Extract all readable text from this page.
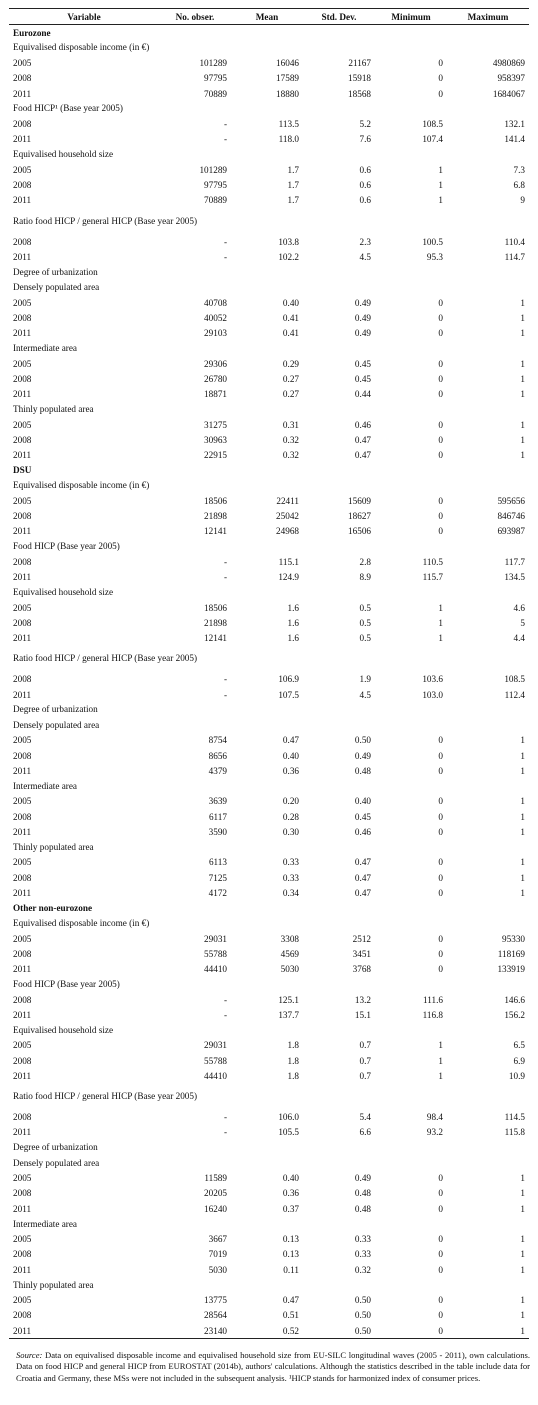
Variable	No. obser.	Mean	Std. Dev.	Minimum	Maximum
Eurozone					
Equivalised disposable income (in €)					
2005	101289	16046	21167	0	4980869
2008	97795	17589	15918	0	958397
2011	70889	18880	18568	0	1684067
Food HICP¹ (Base year 2005)					
2008	-	113.5	5.2	108.5	132.1
2011	-	118.0	7.6	107.4	141.4
Equivalised household size					
2005	101289	1.7	0.6	1	7.3
2008	97795	1.7	0.6	1	6.8
2011	70889	1.7	0.6	1	9
Ratio food HICP / general HICP (Base year 2005)					
2008	-	103.8	2.3	100.5	110.4
2011	-	102.2	4.5	95.3	114.7
Degree of urbanization					
Densely populated area					
2005	40708	0.40	0.49	0	1
2008	40052	0.41	0.49	0	1
2011	29103	0.41	0.49	0	1
Intermediate area					
2005	29306	0.29	0.45	0	1
2008	26780	0.27	0.45	0	1
2011	18871	0.27	0.44	0	1
Thinly populated area					
2005	31275	0.31	0.46	0	1
2008	30963	0.32	0.47	0	1
2011	22915	0.32	0.47	0	1
DSU					
Equivalised disposable income (in €)					
2005	18506	22411	15609	0	595656
2008	21898	25042	18627	0	846746
2011	12141	24968	16506	0	693987
Food HICP (Base year 2005)					
2008	-	115.1	2.8	110.5	117.7
2011	-	124.9	8.9	115.7	134.5
Equivalised household size					
2005	18506	1.6	0.5	1	4.6
2008	21898	1.6	0.5	1	5
2011	12141	1.6	0.5	1	4.4
Ratio food HICP / general HICP (Base year 2005)					
2008	-	106.9	1.9	103.6	108.5
2011	-	107.5	4.5	103.0	112.4
Degree of urbanization					
Densely populated area					
2005	8754	0.47	0.50	0	1
2008	8656	0.40	0.49	0	1
2011	4379	0.36	0.48	0	1
Intermediate area					
2005	3639	0.20	0.40	0	1
2008	6117	0.28	0.45	0	1
2011	3590	0.30	0.46	0	1
Thinly populated area					
2005	6113	0.33	0.47	0	1
2008	7125	0.33	0.47	0	1
2011	4172	0.34	0.47	0	1
Other non-eurozone					
Equivalised disposable income (in €)					
2005	29031	3308	2512	0	95330
2008	55788	4569	3451	0	118169
2011	44410	5030	3768	0	133919
Food HICP (Base year 2005)					
2008	-	125.1	13.2	111.6	146.6
2011	-	137.7	15.1	116.8	156.2
Equivalised household size					
2005	29031	1.8	0.7	1	6.5
2008	55788	1.8	0.7	1	6.9
2011	44410	1.8	0.7	1	10.9
Ratio food HICP / general HICP (Base year 2005)					
2008	-	106.0	5.4	98.4	114.5
2011	-	105.5	6.6	93.2	115.8
Degree of urbanization					
Densely populated area					
2005	11589	0.40	0.49	0	1
2008	20205	0.36	0.48	0	1
2011	16240	0.37	0.48	0	1
Intermediate area					
2005	3667	0.13	0.33	0	1
2008	7019	0.13	0.33	0	1
2011	5030	0.11	0.32	0	1
Thinly populated area					
2005	13775	0.47	0.50	0	1
2008	28564	0.51	0.50	0	1
2011	23140	0.52	0.50	0	1
Source: Data on equivalised disposable income and equivalised household size from EU-SILC longitudinal waves (2005 - 2011), own calculations. Data on food HICP and general HICP from EUROSTAT (2014b), authors' calculations. Although the statistics described in the table include data for Croatia and Germany, these MSs were not included in the subsequent analysis. ¹HICP stands for harmonized index of consumer prices.
